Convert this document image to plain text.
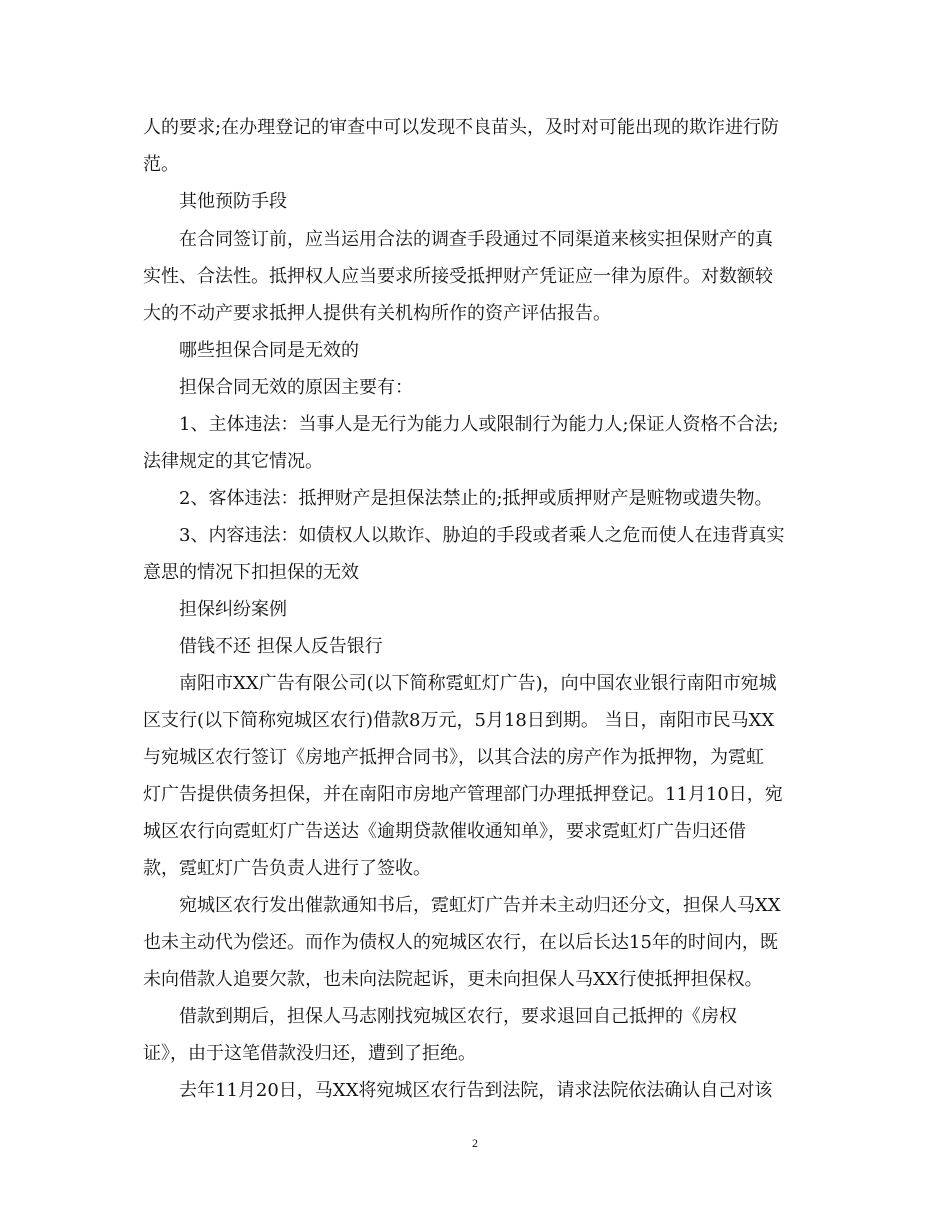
人的要求;在办理登记的审查中可以发现不良苗头，及时对可能出现的欺诈进行防
范。
其他预防手段
在合同签订前，应当运用合法的调查手段通过不同渠道来核实担保财产的真
实性、合法性。抵押权人应当要求所接受抵押财产凭证应一律为原件。对数额较
大的不动产要求抵押人提供有关机构所作的资产评估报告。
哪些担保合同是无效的
担保合同无效的原因主要有：
1、主体违法：当事人是无行为能力人或限制行为能力人;保证人资格不合法;
法律规定的其它情况。
2、客体违法：抵押财产是担保法禁止的;抵押或质押财产是赃物或遗失物。
3、内容违法：如债权人以欺诈、胁迫的手段或者乘人之危而使人在违背真实
意思的情况下扣担保的无效
担保纠纷案例
借钱不还 担保人反告银行
南阳市XX广告有限公司(以下简称霓虹灯广告)，向中国农业银行南阳市宛城
区支行(以下简称宛城区农行)借款8万元，5月18日到期。 当日，南阳市民马XX
与宛城区农行签订《房地产抵押合同书》，以其合法的房产作为抵押物，为霓虹
灯广告提供债务担保，并在南阳市房地产管理部门办理抵押登记。11月10日，宛
城区农行向霓虹灯广告送达《逾期贷款催收通知单》，要求霓虹灯广告归还借
款，霓虹灯广告负责人进行了签收。
宛城区农行发出催款通知书后，霓虹灯广告并未主动归还分文，担保人马XX
也未主动代为偿还。而作为债权人的宛城区农行，在以后长达15年的时间内，既
未向借款人追要欠款，也未向法院起诉，更未向担保人马XX行使抵押担保权。
借款到期后，担保人马志刚找宛城区农行，要求退回自己抵押的《房权
证》，由于这笔借款没归还，遭到了拒绝。
去年11月20日，马XX将宛城区农行告到法院，请求法院依法确认自己对该
2
